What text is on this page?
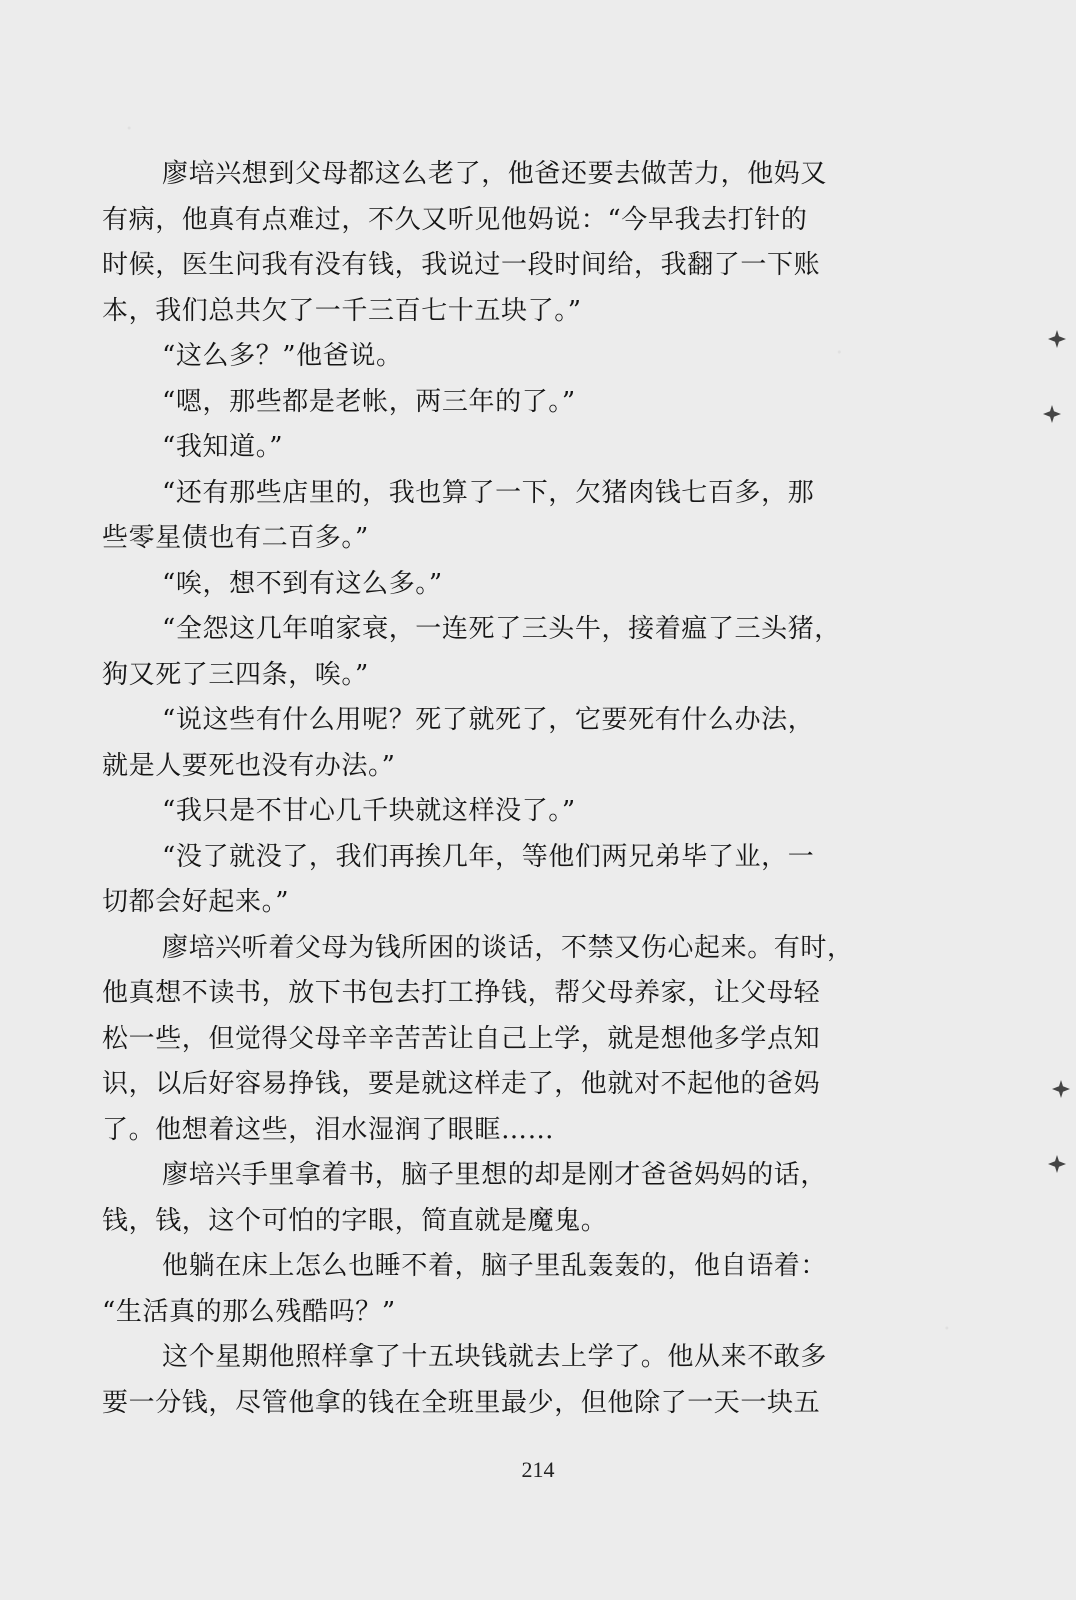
廖培兴想到父母都这么老了，他爸还要去做苦力，他妈又
有病，他真有点难过，不久又听见他妈说：“今早我去打针的
时候，医生问我有没有钱，我说过一段时间给，我翻了一下账
本，我们总共欠了一千三百七十五块了。”
“这么多？”他爸说。
“嗯，那些都是老帐，两三年的了。”
“我知道。”
“还有那些店里的，我也算了一下，欠猪肉钱七百多，那
些零星债也有二百多。”
“唉，想不到有这么多。”
“全怨这几年咱家衰，一连死了三头牛，接着瘟了三头猪，
狗又死了三四条，唉。”
“说这些有什么用呢？死了就死了，它要死有什么办法，
就是人要死也没有办法。”
“我只是不甘心几千块就这样没了。”
“没了就没了，我们再挨几年，等他们两兄弟毕了业，一
切都会好起来。”
廖培兴听着父母为钱所困的谈话，不禁又伤心起来。有时，
他真想不读书，放下书包去打工挣钱，帮父母养家，让父母轻
松一些，但觉得父母辛辛苦苦让自己上学，就是想他多学点知
识，以后好容易挣钱，要是就这样走了，他就对不起他的爸妈
了。他想着这些，泪水湿润了眼眶……
廖培兴手里拿着书，脑子里想的却是刚才爸爸妈妈的话，
钱，钱，这个可怕的字眼，简直就是魔鬼。
他躺在床上怎么也睡不着，脑子里乱轰轰的，他自语着：
“生活真的那么残酷吗？”
这个星期他照样拿了十五块钱就去上学了。他从来不敢多
要一分钱，尽管他拿的钱在全班里最少，但他除了一天一块五
214
